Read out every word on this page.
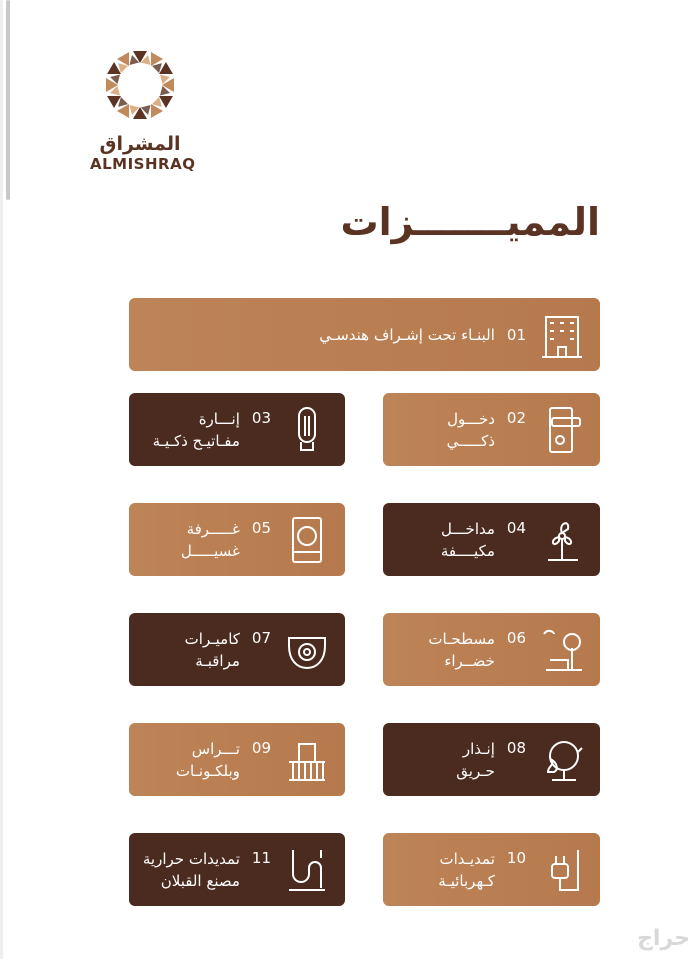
المشراق
ALMISHRAQ
المميـــــــزات
01
البنـاء تحت إشـراف هندسـي
02
دخـــول
ذكـــــي
03
إنـــارة
مفـاتيـح ذكـيـة
04
مداخـــل
مكيــــفة
05
غـــــرفة
غسيـــــل
06
مسطحـات
خضــراء
07
كاميـرات
مراقبـة
08
إنـذار
حـريق
09
تـــراس
وبلكـونـات
10
تمديـدات
كـهربائيـة
11
تمديدات حرارية
مصنع القبلان
حراج
